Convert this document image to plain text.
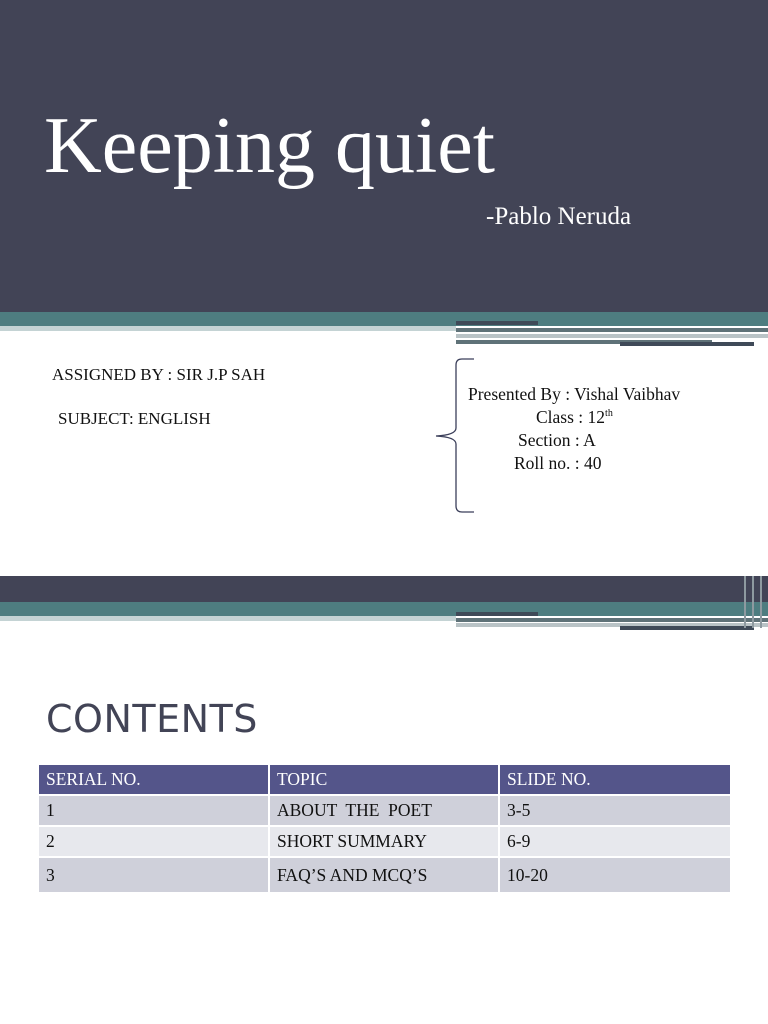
Keeping quiet
-Pablo Neruda
ASSIGNED BY : SIR J.P SAH
SUBJECT: ENGLISH
Presented By : Vishal Vaibhav
Class : 12th
Section : A
Roll no. : 40
CONTENTS
SERIAL NO.	TOPIC	SLIDE NO.
1	ABOUT  THE  POET	3-5
2	SHORT SUMMARY	6-9
3	FAQ’S AND MCQ’S	10-20
